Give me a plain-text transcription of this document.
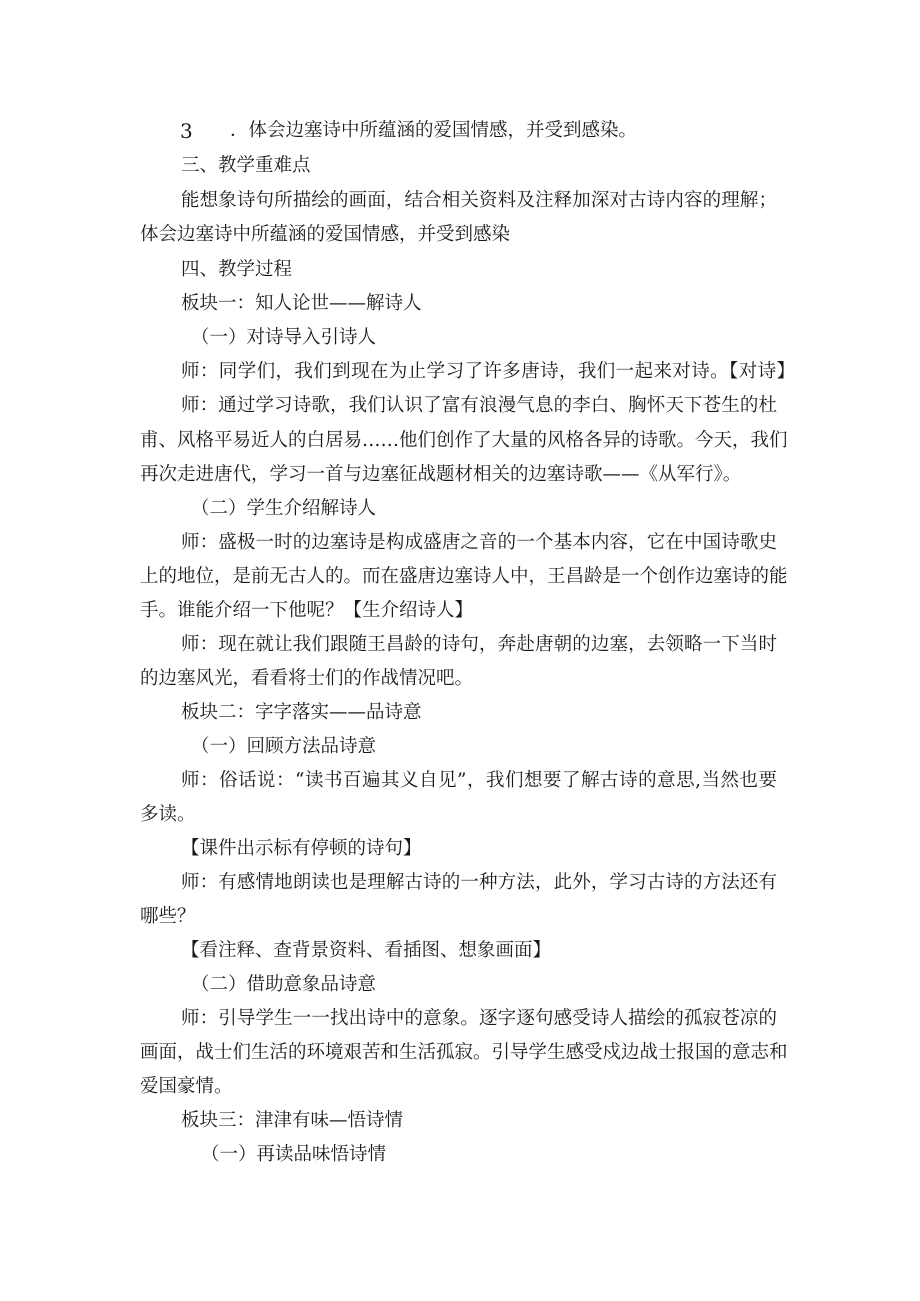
3 ．体会边塞诗中所蕴涵的爱国情感，并受到感染。
三、教学重难点
能想象诗句所描绘的画面，结合相关资料及注释加深对古诗内容的理解；
体会边塞诗中所蕴涵的爱国情感，并受到感染
四、教学过程
板块一：知人论世——解诗人
（一）对诗导入引诗人
师：同学们，我们到现在为止学习了许多唐诗，我们一起来对诗。【对诗】
师：通过学习诗歌，我们认识了富有浪漫气息的李白、胸怀天下苍生的杜
甫、风格平易近人的白居易……他们创作了大量的风格各异的诗歌。今天，我们
再次走进唐代，学习一首与边塞征战题材相关的边塞诗歌——《从军行》。
（二）学生介绍解诗人
师：盛极一时的边塞诗是构成盛唐之音的一个基本内容，它在中国诗歌史
上的地位，是前无古人的。而在盛唐边塞诗人中，王昌龄是一个创作边塞诗的能
手。谁能介绍一下他呢？【生介绍诗人】
师：现在就让我们跟随王昌龄的诗句，奔赴唐朝的边塞，去领略一下当时
的边塞风光，看看将士们的作战情况吧。
板块二：字字落实——品诗意
（一）回顾方法品诗意
师：俗话说：“读书百遍其义自见”，我们想要了解古诗的意思,当然也要
多读。
【课件出示标有停顿的诗句】
师：有感情地朗读也是理解古诗的一种方法，此外，学习古诗的方法还有
哪些？
【看注释、查背景资料、看插图、想象画面】
（二）借助意象品诗意
师：引导学生一一找出诗中的意象。逐字逐句感受诗人描绘的孤寂苍凉的
画面，战士们生活的环境艰苦和生活孤寂。引导学生感受戍边战士报国的意志和
爱国豪情。
板块三：津津有味—悟诗情
（一）再读品味悟诗情
